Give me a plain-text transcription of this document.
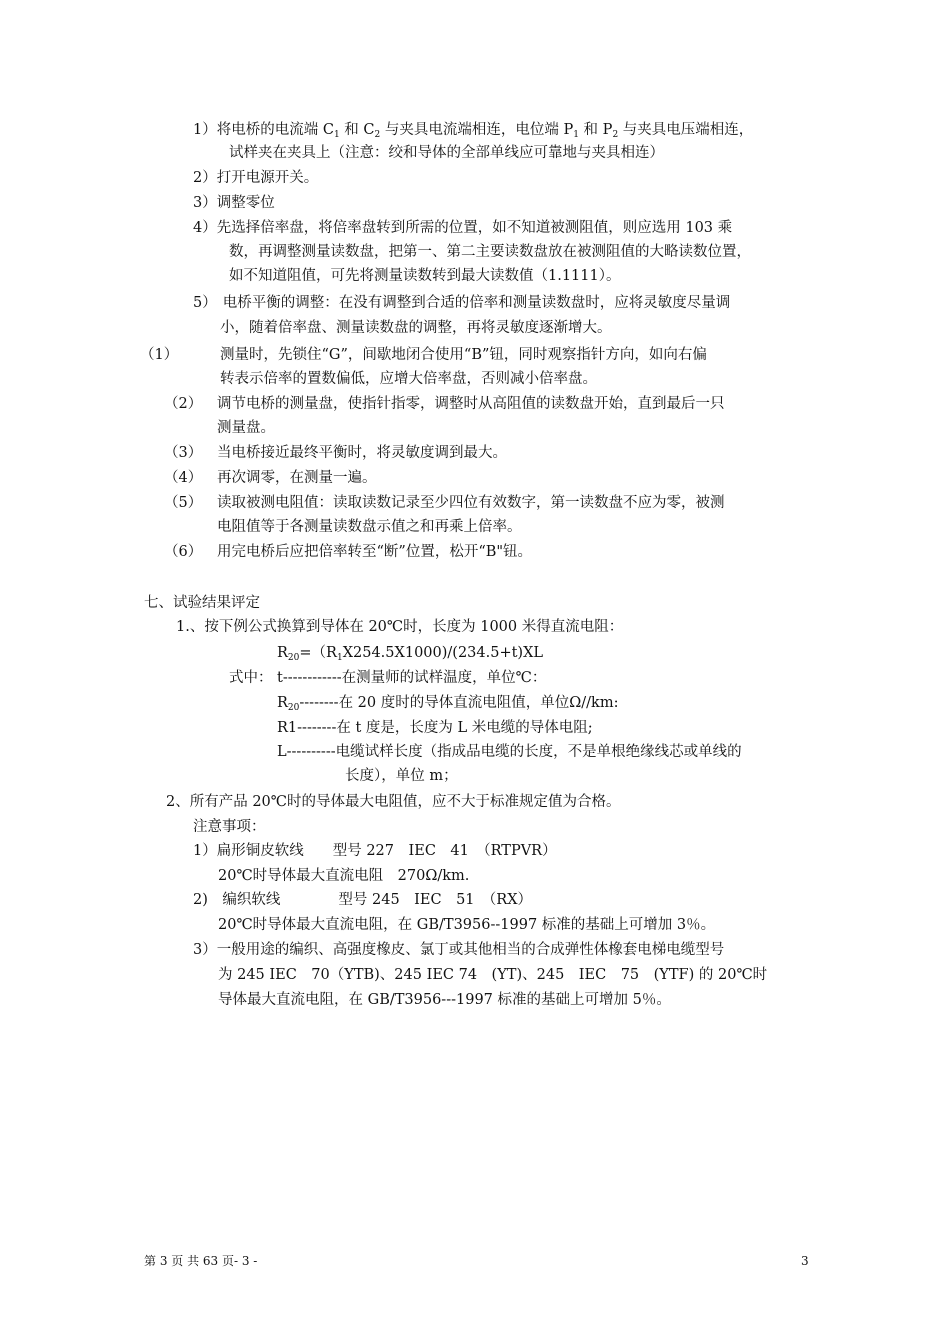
1）将电桥的电流端 $C_1$ 和 $C_2$ 与夹具电流端相连，电位端 $P_1$ 和 $P_2$ 与夹具电压端相连，
试样夹在夹具上（注意：绞和导体的全部单线应可靠地与夹具相连）
2）打开电源开关。
3）调整零位
4）先选择倍率盘，将倍率盘转到所需的位置，如不知道被测阻值，则应选用 103 乘
数，再调整测量读数盘，把第一、第二主要读数盘放在被测阻值的大略读数位置，
如不知道阻值，可先将测量读数转到最大读数值（1.1111）。
5） 电桥平衡的调整：在没有调整到合适的倍率和测量读数盘时，应将灵敏度尽量调
小，随着倍率盘、测量读数盘的调整，再将灵敏度逐渐增大。
（1）	测量时，先锁住“G”，间歇地闭合使用“B”钮，同时观察指针方向，如向右偏
转表示倍率的置数偏低，应增大倍率盘，否则减小倍率盘。
（2） 调节电桥的测量盘，使指针指零，调整时从高阻值的读数盘开始，直到最后一只
测量盘。
（3） 当电桥接近最终平衡时，将灵敏度调到最大。
（4） 再次调零，在测量一遍。
（5） 读取被测电阻值：读取读数记录至少四位有效数字，第一读数盘不应为零，被测
电阻值等于各测量读数盘示值之和再乘上倍率。
（6） 用完电桥后应把倍率转至“断”位置，松开“B"钮。
七、试验结果评定
1.、按下例公式换算到导体在 20℃时，长度为 1000 米得直流电阻：
$R_{20}=(R_1X254.5X1000)/(234.5+t)XL$
式中： t------------在测量师的试样温度，单位℃：
$R_{20}--------$在 20 度时的导体直流电阻值，单位Ω//km:
R1--------在 t 度是，长度为 L 米电缆的导体电阻;
L----------电缆试样长度（指成品电缆的长度，不是单根绝缘线芯或单线的
长度），单位 m；
2、所有产品 20℃时的导体最大电阻值，应不大于标准规定值为合格。
注意事项：
1）扁形铜皮软线　　型号 227　IEC　41　（RTPVR）
20℃时导体最大直流电阻　270Ω/km.
2)　编织软线　　　　型号 245　IEC　51　（RX）
20℃时导体最大直流电阻，在 GB/T3956--1997 标准的基础上可增加 3％。
3）一般用途的编织、高强度橡皮、氯丁或其他相当的合成弹性体橡套电梯电缆型号
为 245 IEC　70（YTB)、245 IEC 74　(YT)、245　IEC　75　(YTF) 的 20℃时
导体最大直流电阻，在 GB/T3956---1997 标准的基础上可增加 5％。
第 3 页 共 63 页- 3 -	3
